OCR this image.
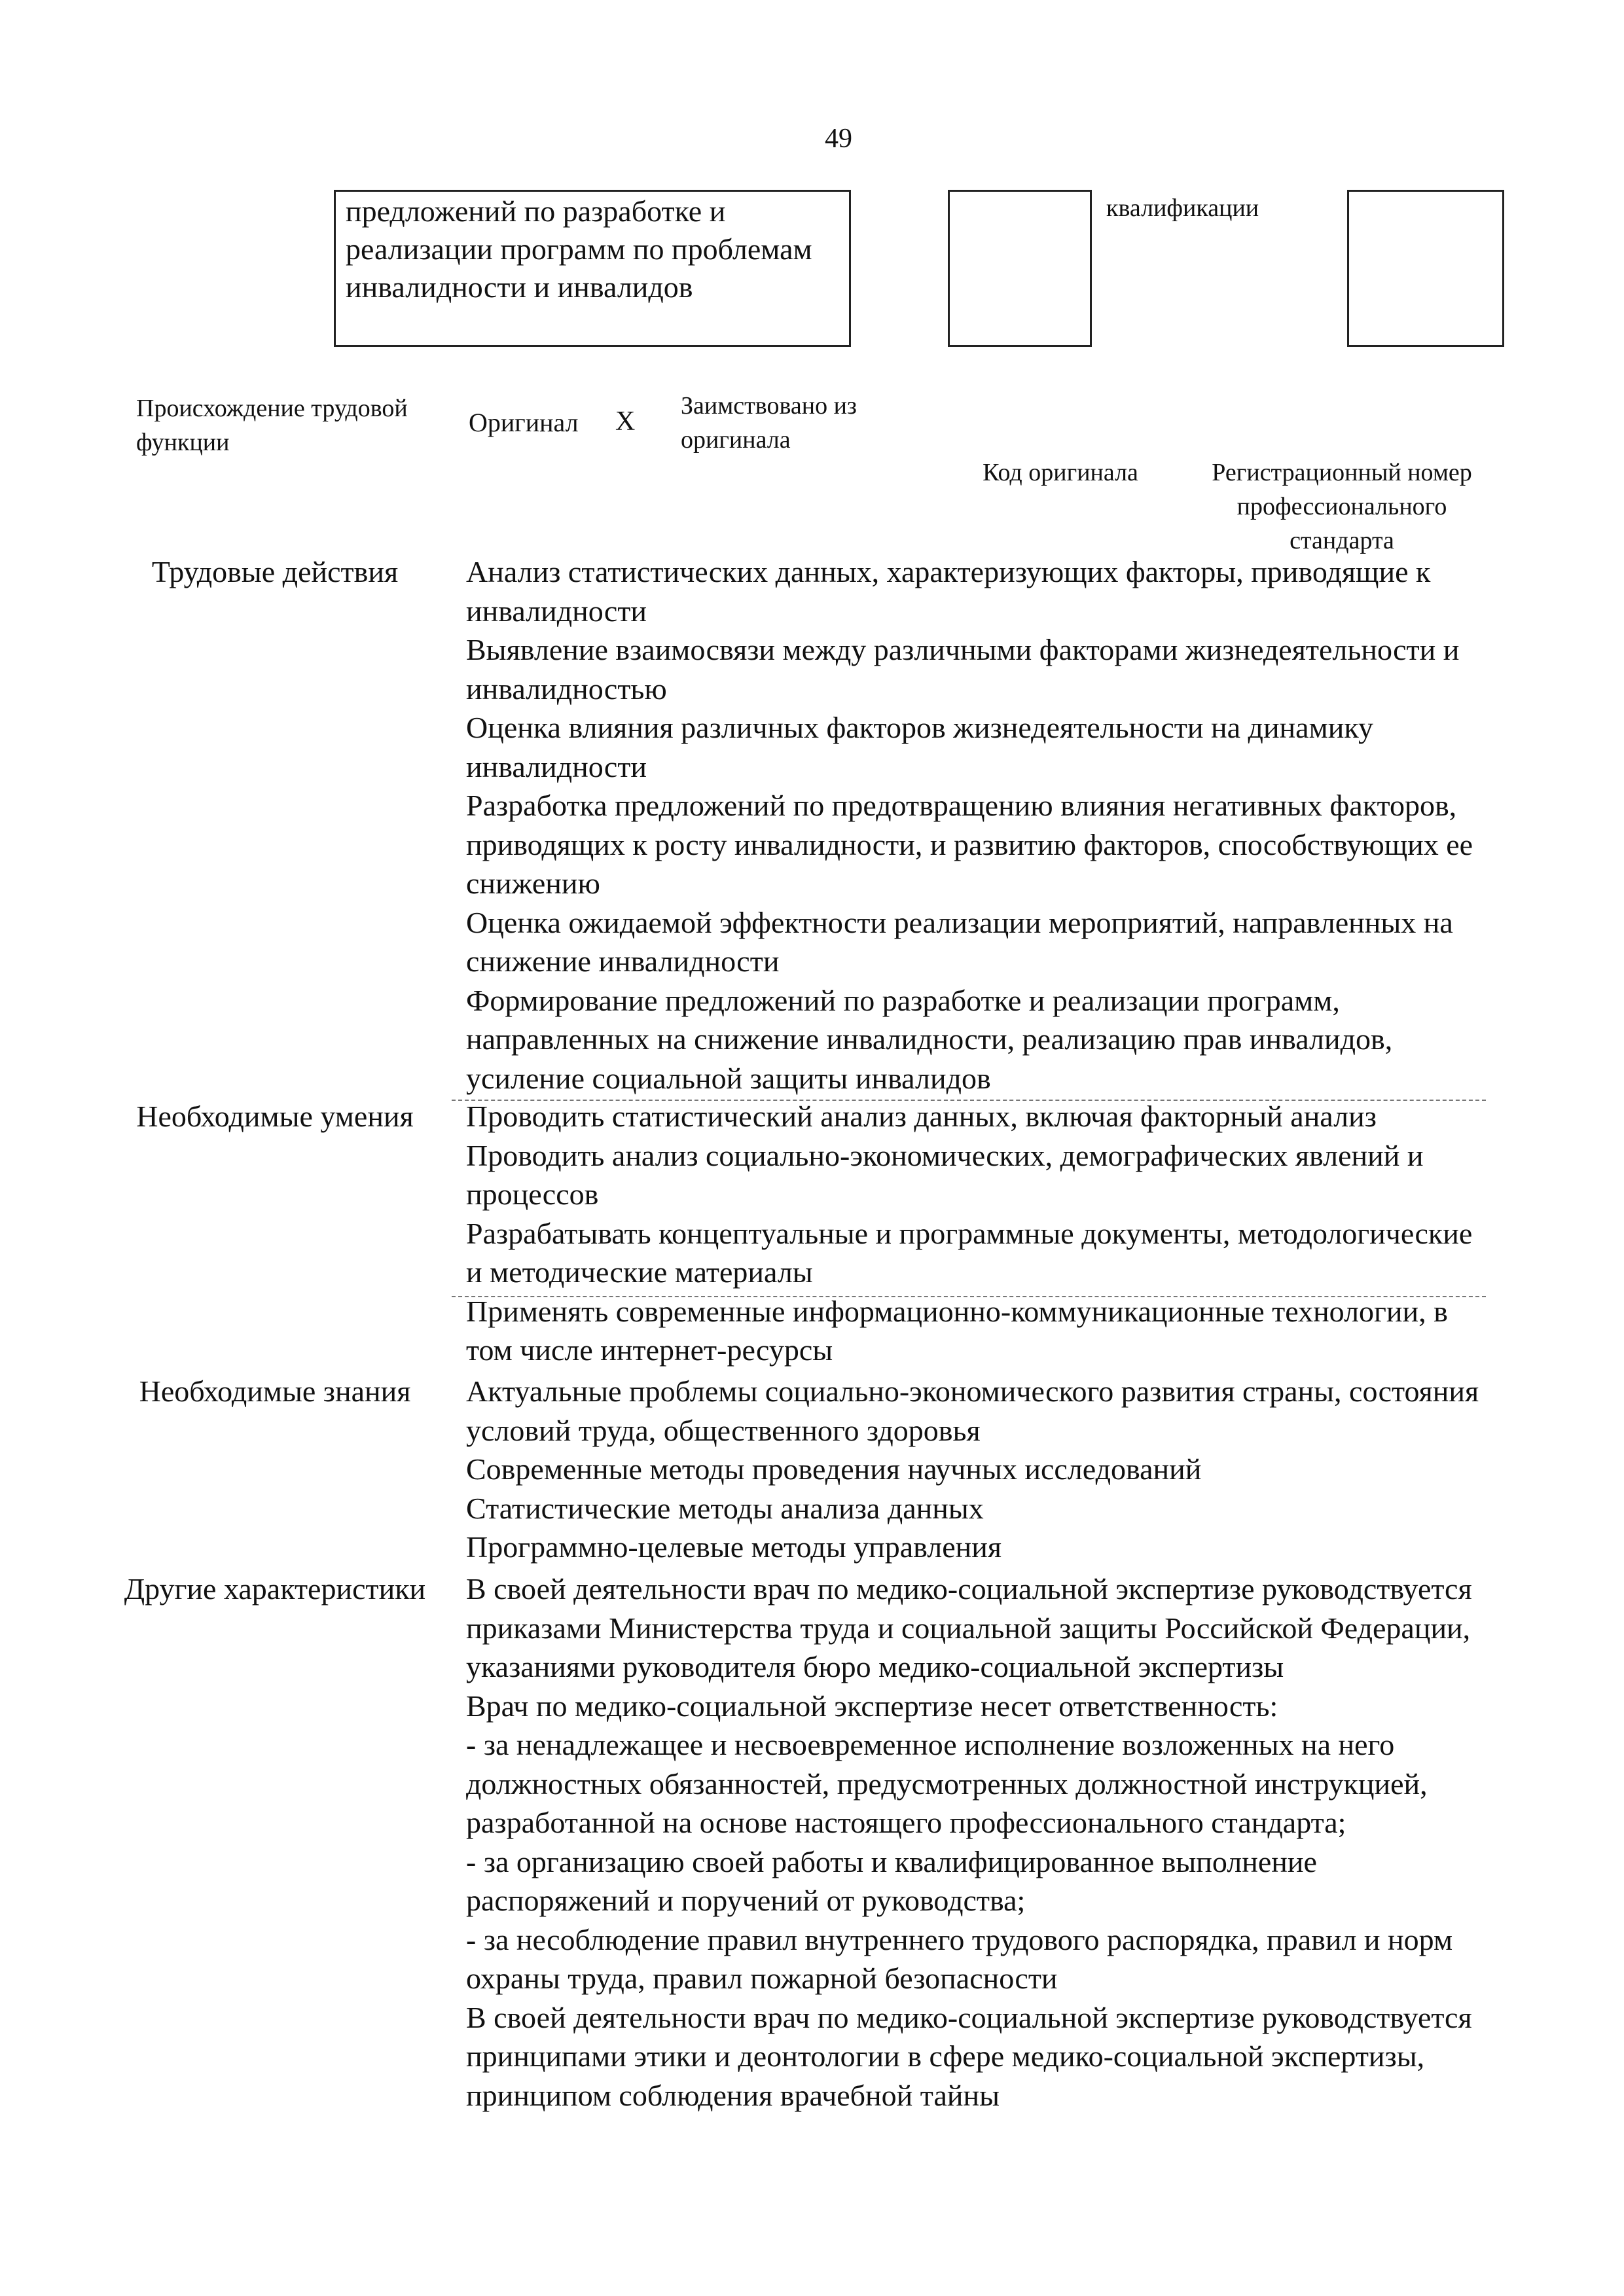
49
предложений по разработке и реализации программ по проблемам инвалидности и инвалидов
квалификации
Происхождение трудовой функции
Оригинал X
Заимствовано из оригинала
Код оригинала	Регистрационный номер профессионального стандарта
Трудовые действия	Анализ статистических данных, характеризующих факторы, приводящие к инвалидности

Выявление взаимосвязи между различными факторами жизнедеятельности и инвалидностью

Оценка влияния различных факторов жизнедеятельности на динамику инвалидности

Разработка предложений по предотвращению влияния негативных факторов, приводящих к росту инвалидности, и развитию факторов, способствующих ее снижению

Оценка ожидаемой эффектности реализации мероприятий, направленных на снижение инвалидности

Формирование предложений по разработке и реализации программ, направленных на снижение инвалидности, реализацию прав инвалидов, усиление социальной защиты инвалидов

Необходимые умения	Проводить статистический анализ данных, включая факторный анализ

Проводить анализ социально-экономических, демографических явлений и процессов

Разрабатывать концептуальные и программные документы, методологические и методические материалы

Применять современные информационно-коммуникационные технологии, в том числе интернет-ресурсы

Необходимые знания	Актуальные проблемы социально-экономического развития страны, состояния условий труда, общественного здоровья

Современные методы проведения научных исследований

Статистические методы анализа данных

Программно-целевые методы управления

Другие характеристики	В своей деятельности врач по медико-социальной экспертизе руководствуется приказами Министерства труда и социальной защиты Российской Федерации, указаниями руководителя бюро медико-социальной экспертизы

Врач по медико-социальной экспертизе несет ответственность:

- за ненадлежащее и несвоевременное исполнение возложенных на него должностных обязанностей, предусмотренных должностной инструкцией, разработанной на основе настоящего профессионального стандарта;

- за организацию своей работы и квалифицированное выполнение распоряжений и поручений от руководства;

- за несоблюдение правил внутреннего трудового распорядка, правил и норм охраны труда, правил пожарной безопасности

В своей деятельности врач по медико-социальной экспертизе руководствуется принципами этики и деонтологии в сфере медико-социальной экспертизы, принципом соблюдения врачебной тайны
